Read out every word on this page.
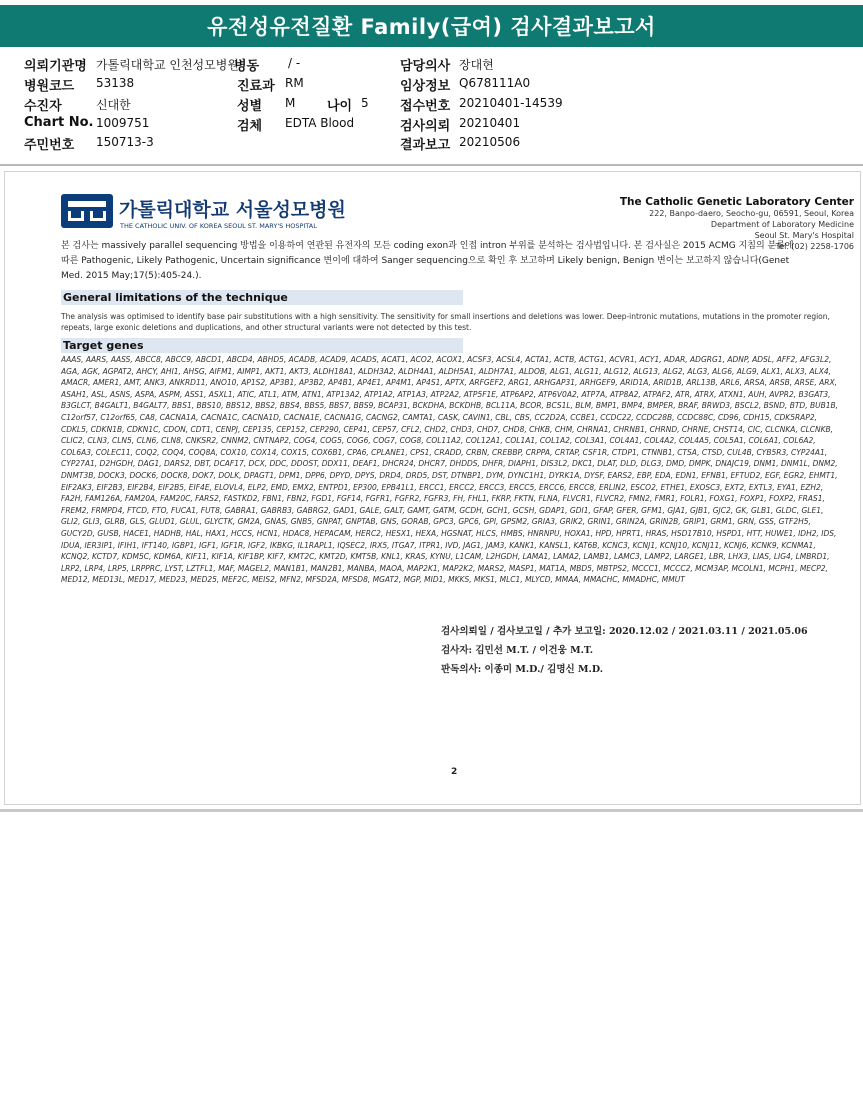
유전성유전질환 Family(급여) 검사결과보고서
의뢰기관명 가톨릭대학교 인천성모병원
병동 / -	담당의사 장대현
병원코드 53138	진료과 RM	임상정보 Q678111A0
수진자	신대한	성별 M 나이 5 접수번호 20210401-14539
Chart No. 1009751	검체 EDTA Blood	검사의뢰 20210401
주민번호 150713-3	결과보고 20210506
가톨릭대학교 서울성모병원
THE CATHOLIC UNIV. OF KOREA SEOUL ST. MARY'S HOSPITAL
The Catholic Genetic Laboratory Center
222, Banpo-daero, Seocho-gu, 06591, Seoul, Korea
Department of Laboratory Medicine
Seoul St. Mary's Hospital
Tel. (02) 2258-1706
본 검사는 massively parallel sequencing 방법을 이용하여 연관된 유전자의 모든 coding exon과 인접 intron 부위를 분석하는 검사법입니다. 본 검사실은 2015 ACMG 지침의 분류에 따른 Pathogenic, Likely Pathogenic, Uncertain significance 변이에 대하여 Sanger sequencing으로 확인 후 보고하며 Likely benign, Benign 변이는 보고하지 않습니다(Genet Med. 2015 May;17(5):405-24.).
General limitations of the technique
The analysis was optimised to identify base pair substitutions with a high sensitivity. The sensitivity for small insertions and deletions was lower. Deep-intronic mutations, mutations in the promoter region, repeats, large exonic deletions and duplications, and other structural variants were not detected by this test.
Target genes
AAAS, AARS, AASS, ABCC8, ABCC9, ABCD1, ABCD4, ABHD5, ACADB, ACAD9, ACADS, ACAT1, ACO2, ACOX1, ACSF3, ACSL4, ACTA1, ACTB, ACTG1, ACVR1, ACY1, ADAR, ADGRG1, ADNP, ADSL, AFF2, AFG3L2, AGA, AGK, AGPAT2, AHCY, AHI1, AHSG, AIFM1, AIMP1, AKT1, AKT3, ALDH18A1, ALDH3A2, ALDH4A1, ALDH5A1, ALDH7A1, ALDOB, ALG1, ALG11, ALG12, ALG13, ALG2, ALG3, ALG6, ALG9, ALX1, ALX3, ALX4, AMACR, AMER1, AMT, ANK3, ANKRD11, ANO10, AP1S2, AP3B1, AP3B2, AP4B1, AP4E1, AP4M1, AP4S1, APTX, ARFGEF2, ARG1, ARHGAP31, ARHGEF9, ARID1A, ARID1B, ARL13B, ARL6, ARSA, ARSB, ARSE, ARX, ASAH1, ASL, ASNS, ASPA, ASPM, ASS1, ASXL1, ATIC, ATL1, ATM, ATN1, ATP13A2, ATP1A2, ATP1A3, ATP2A2, ATP5F1E, ATP6AP2, ATP6V0A2, ATP7A, ATP8A2, ATPAF2, ATR, ATRX, ATXN1, AUH, AVPR2, B3GAT3, B3GLCT, B4GALT1, B4GALT7, BBS1, BBS10, BBS12, BBS2, BBS4, BBS5, BBS7, BBS9, BCAP31, BCKDHA, BCKDHB, BCL11A, BCOR, BCS1L, BLM, BMP1, BMP4, BMPER, BRAF, BRWD3, BSCL2, BSND, BTD, BUB1B, C12orf57, C12orf65, CA8, CACNA1A, CACNA1C, CACNA1D, CACNA1E, CACNA1G, CACNG2, CAMTA1, CASK, CAVIN1, CBL, CBS, CC2D2A, CCBE1, CCDC22, CCDC28B, CCDC88C, CD96, CDH15, CDK5RAP2, CDKL5, CDKN1B, CDKN1C, CDON, CDT1, CENPJ, CEP135, CEP152, CEP290, CEP41, CEP57, CFL2, CHD2, CHD3, CHD7, CHD8, CHKB, CHM, CHRNA1, CHRNB1, CHRND, CHRNE, CHST14, CIC, CLCNKA, CLCNKB, CLIC2, CLN3, CLN5, CLN6, CLN8, CNKSR2, CNNM2, CNTNAP2, COG4, COG5, COG6, COG7, COG8, COL11A2, COL12A1, COL1A1, COL1A2, COL3A1, COL4A1, COL4A2, COL4A5, COL5A1, COL6A1, COL6A2, COL6A3, COLEC11, COQ2, COQ4, COQ8A, COX10, COX14, COX15, COX6B1, CPA6, CPLANE1, CPS1, CRADD, CRBN, CREBBP, CRPPA, CRTAP, CSF1R, CTDP1, CTNNB1, CTSA, CTSD, CUL4B, CYB5R3, CYP24A1, CYP27A1, D2HGDH, DAG1, DARS2, DBT, DCAF17, DCX, DDC, DDOST, DDX11, DEAF1, DHCR24, DHCR7, DHDDS, DHFR, DIAPH1, DIS3L2, DKC1, DLAT, DLD, DLG3, DMD, DMPK, DNAJC19, DNM1, DNM1L, DNM2, DNMT3B, DOCK3, DOCK6, DOCK8, DOK7, DOLK, DPAGT1, DPM1, DPP6, DPYD, DPYS, DRD4, DRD5, DST, DTNBP1, DYM, DYNC1H1, DYRK1A, DYSF, EARS2, EBP, EDA, EDN1, EFNB1, EFTUD2, EGF, EGR2, EHMT1, EIF2AK3, EIF2B3, EIF2B4, EIF2B5, EIF4E, ELOVL4, ELP2, EMD, EMX2, ENTPD1, EP300, EPB41L1, ERCC1, ERCC2, ERCC3, ERCC5, ERCC6, ERCC8, ERLIN2, ESCO2, ETHE1, EXOSC3, EXT2, EXTL3, EYA1, EZH2, FA2H, FAM126A, FAM20A, FAM20C, FARS2, FASTKD2, FBN1, FBN2, FGD1, FGF14, FGFR1, FGFR2, FGFR3, FH, FHL1, FKRP, FKTN, FLNA, FLVCR1, FLVCR2, FMN2, FMR1, FOLR1, FOXG1, FOXP1, FOXP2, FRAS1, FREM2, FRMPD4, FTCD, FTO, FUCA1, FUT8, GABRA1, GABRB3, GABRG2, GAD1, GALE, GALT, GAMT, GATM, GCDH, GCH1, GCSH, GDAP1, GDI1, GFAP, GFER, GFM1, GJA1, GJB1, GJC2, GK, GLB1, GLDC, GLE1, GLI2, GLI3, GLRB, GLS, GLUD1, GLUL, GLYCTK, GM2A, GNAS, GNB5, GNPAT, GNPTAB, GNS, GORAB, GPC3, GPC6, GPI, GPSM2, GRIA3, GRIK2, GRIN1, GRIN2A, GRIN2B, GRIP1, GRM1, GRN, GSS, GTF2H5, GUCY2D, GUSB, HACE1, HADHB, HAL, HAX1, HCCS, HCN1, HDAC8, HEPACAM, HERC2, HESX1, HEXA, HGSNAT, HLCS, HMBS, HNRNPU, HOXA1, HPD, HPRT1, HRAS, HSD17B10, HSPD1, HTT, HUWE1, IDH2, IDS, IDUA, IER3IP1, IFIH1, IFT140, IGBP1, IGF1, IGF1R, IGF2, IKBKG, IL1RAPL1, IQSEC2, IRX5, ITGA7, ITPR1, IVD, JAG1, JAM3, KANK1, KANSL1, KAT6B, KCNC3, KCNJ1, KCNJ10, KCNJ11, KCNJ6, KCNK9, KCNMA1, KCNQ2, KCTD7, KDM5C, KDM6A, KIF11, KIF1A, KIF1BP, KIF7, KMT2C, KMT2D, KMT5B, KNL1, KRAS, KYNU, L1CAM, L2HGDH, LAMA1, LAMA2, LAMB1, LAMC3, LAMP2, LARGE1, LBR, LHX3, LIAS, LIG4, LMBRD1, LRP2, LRP4, LRP5, LRPPRC, LYST, LZTFL1, MAF, MAGEL2, MAN1B1, MAN2B1, MANBA, MAOA, MAP2K1, MAP2K2, MARS2, MASP1, MAT1A, MBD5, MBTPS2, MCCC1, MCCC2, MCM3AP, MCOLN1, MCPH1, MECP2, MED12, MED13L, MED17, MED23, MED25, MEF2C, MEIS2, MFN2, MFSD2A, MFSD8, MGAT2, MGP, MID1, MKKS, MKS1, MLC1, MLYCD, MMAA, MMACHC, MMADHC, MMUT
검사의뢰일 / 검사보고일 / 추가 보고일: 2020.12.02 / 2021.03.11 / 2021.05.06
검사자: 김민선 M.T. / 이건웅 M.T.
판독의사: 이종미 M.D./ 김명신 M.D.
2
